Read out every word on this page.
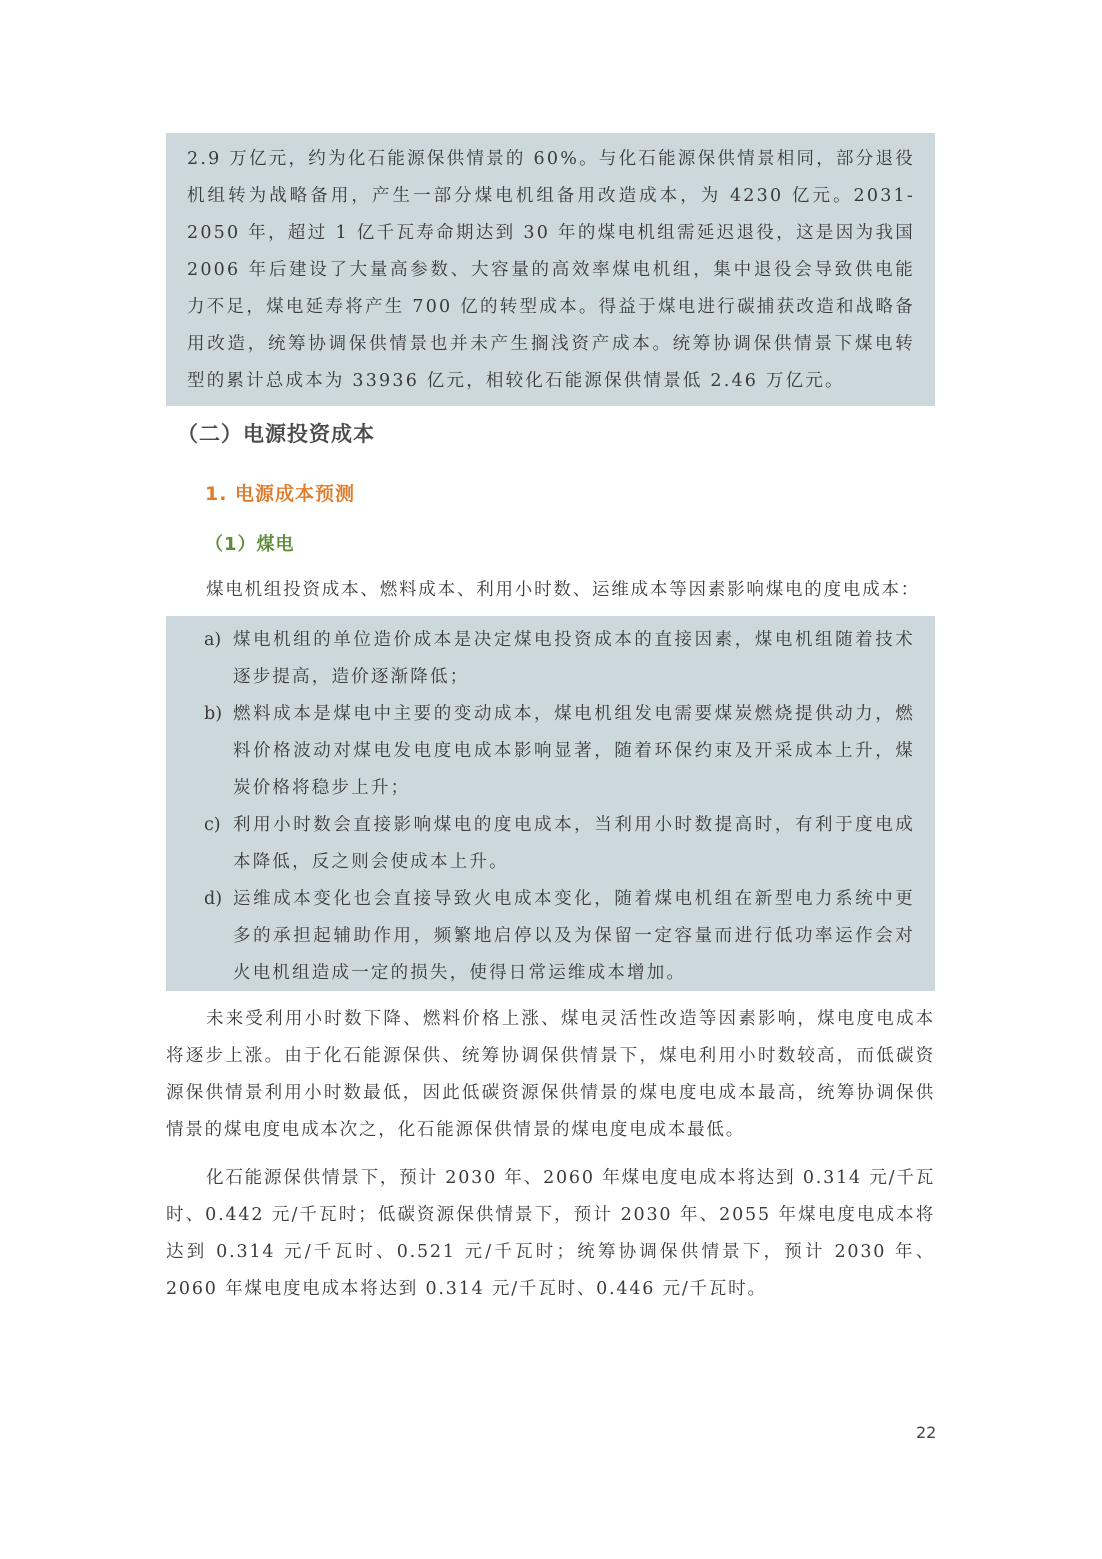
2.9 万亿元，约为化石能源保供情景的 60%。与化石能源保供情景相同，部分退役机组转为战略备用，产生一部分煤电机组备用改造成本，为 4230 亿元。2031-2050 年，超过 1 亿千瓦寿命期达到 30 年的煤电机组需延迟退役，这是因为我国 2006 年后建设了大量高参数、大容量的高效率煤电机组，集中退役会导致供电能力不足，煤电延寿将产生 700 亿的转型成本。得益于煤电进行碳捕获改造和战略备用改造，统筹协调保供情景也并未产生搁浅资产成本。统筹协调保供情景下煤电转型的累计总成本为 33936 亿元，相较化石能源保供情景低 2.46 万亿元。

（二）电源投资成本
1. 电源成本预测
（1）煤电

煤电机组投资成本、燃料成本、利用小时数、运维成本等因素影响煤电的度电成本：

a) 煤电机组的单位造价成本是决定煤电投资成本的直接因素，煤电机组随着技术逐步提高，造价逐渐降低；
b) 燃料成本是煤电中主要的变动成本，煤电机组发电需要煤炭燃烧提供动力，燃料价格波动对煤电发电度电成本影响显著，随着环保约束及开采成本上升，煤炭价格将稳步上升；
c) 利用小时数会直接影响煤电的度电成本，当利用小时数提高时，有利于度电成本降低，反之则会使成本上升。
d) 运维成本变化也会直接导致火电成本变化，随着煤电机组在新型电力系统中更多的承担起辅助作用，频繁地启停以及为保留一定容量而进行低功率运作会对火电机组造成一定的损失，使得日常运维成本增加。

未来受利用小时数下降、燃料价格上涨、煤电灵活性改造等因素影响，煤电度电成本将逐步上涨。由于化石能源保供、统筹协调保供情景下，煤电利用小时数较高，而低碳资源保供情景利用小时数最低，因此低碳资源保供情景的煤电度电成本最高，统筹协调保供情景的煤电度电成本次之，化石能源保供情景的煤电度电成本最低。

化石能源保供情景下，预计 2030 年、2060 年煤电度电成本将达到 0.314 元/千瓦时、0.442 元/千瓦时；低碳资源保供情景下，预计 2030 年、2055 年煤电度电成本将达到 0.314 元/千瓦时、0.521 元/千瓦时；统筹协调保供情景下，预计 2030 年、2060 年煤电度电成本将达到 0.314 元/千瓦时、0.446 元/千瓦时。

22
